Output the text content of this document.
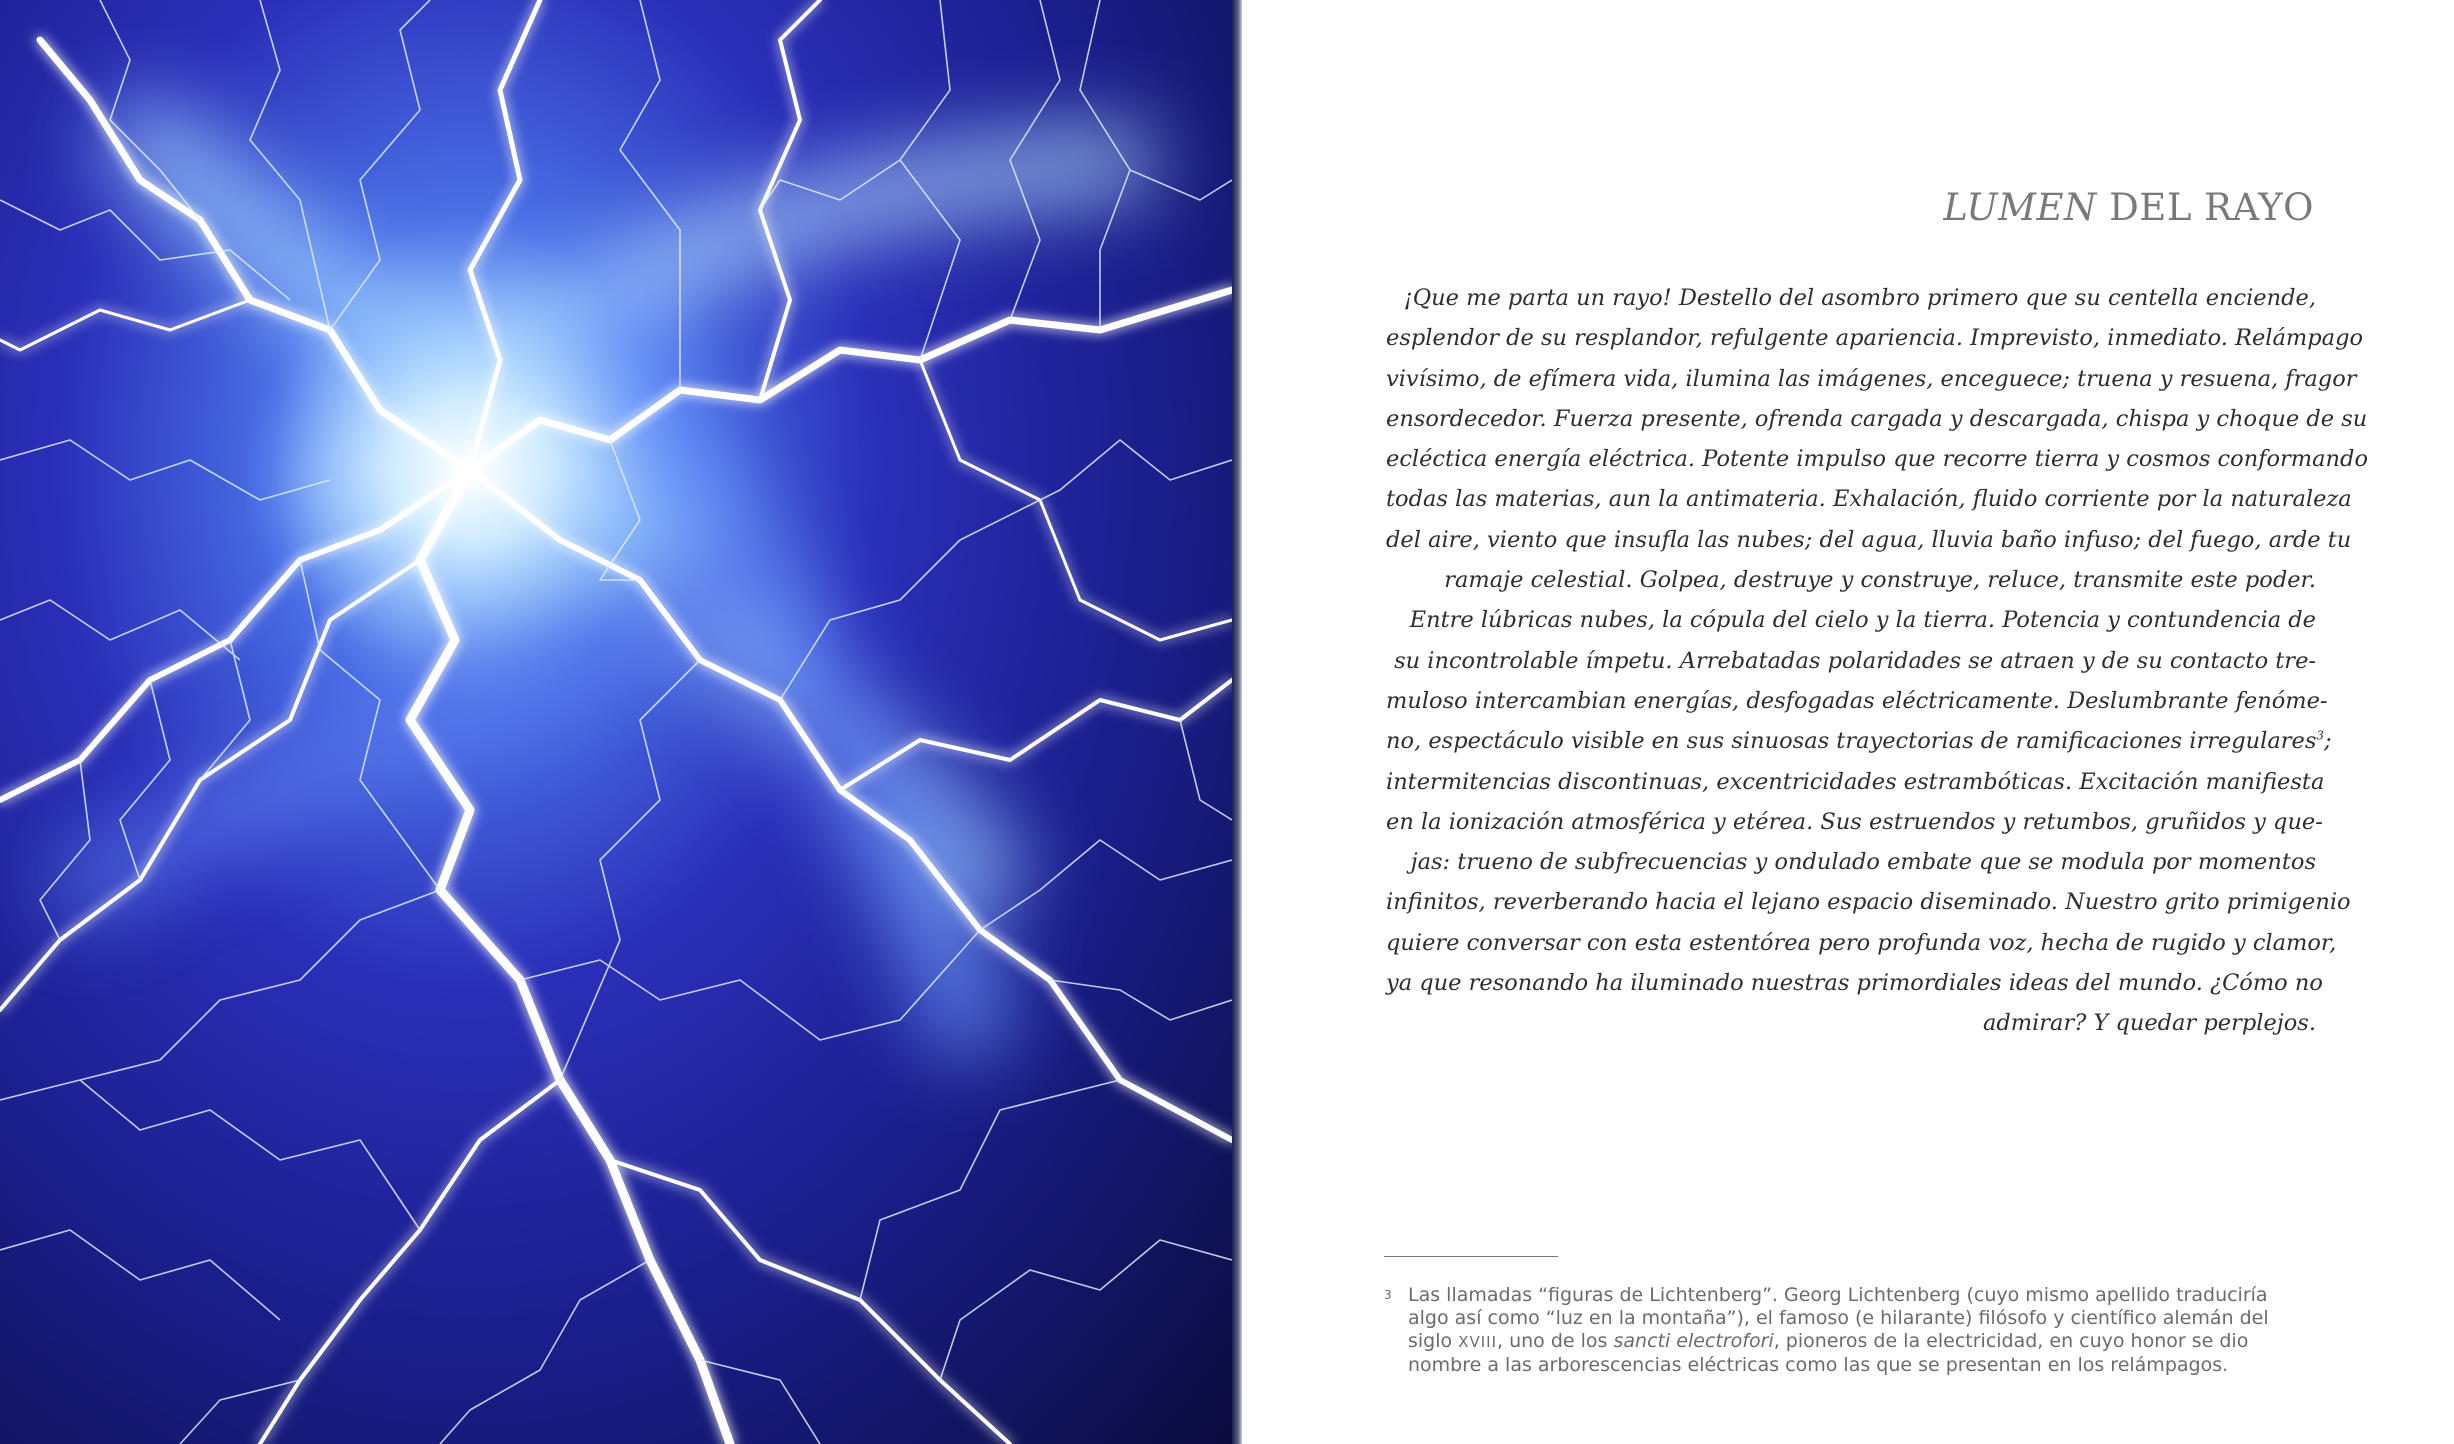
LUMEN DEL RAYO
¡Que me parta un rayo! Destello del asombro primero que su centella enciende,
esplendor de su resplandor, refulgente apariencia. Imprevisto, inmediato. Relámpago
vivísimo, de efímera vida, ilumina las imágenes, enceguece; truena y resuena, fragor
ensordecedor. Fuerza presente, ofrenda cargada y descargada, chispa y choque de su
ecléctica energía eléctrica. Potente impulso que recorre tierra y cosmos conformando
todas las materias, aun la antimateria. Exhalación, fluido corriente por la naturaleza
del aire, viento que insufla las nubes; del agua, lluvia baño infuso; del fuego, arde tu
ramaje celestial. Golpea, destruye y construye, reluce, transmite este poder.
Entre lúbricas nubes, la cópula del cielo y la tierra. Potencia y contundencia de
su incontrolable ímpetu. Arrebatadas polaridades se atraen y de su contacto tre-
muloso intercambian energías, desfogadas eléctricamente. Deslumbrante fenóme-
no, espectáculo visible en sus sinuosas trayectorias de ramificaciones irregulares$^3$;
intermitencias discontinuas, excentricidades estrambóticas. Excitación manifiesta
en la ionización atmosférica y etérea. Sus estruendos y retumbos, gruñidos y que-
jas: trueno de subfrecuencias y ondulado embate que se modula por momentos
infinitos, reverberando hacia el lejano espacio diseminado. Nuestro grito primigenio
quiere conversar con esta estentórea pero profunda voz, hecha de rugido y clamor,
ya que resonando ha iluminado nuestras primordiales ideas del mundo. ¿Cómo no
admirar? Y quedar perplejos.
3 Las llamadas “figuras de Lichtenberg”. Georg Lichtenberg (cuyo mismo apellido traduciría
algo así como “luz en la montaña”), el famoso (e hilarante) filósofo y científico alemán del
siglo XVIII, uno de los sancti electrofori, pioneros de la electricidad, en cuyo honor se dio
nombre a las arborescencias eléctricas como las que se presentan en los relámpagos.
